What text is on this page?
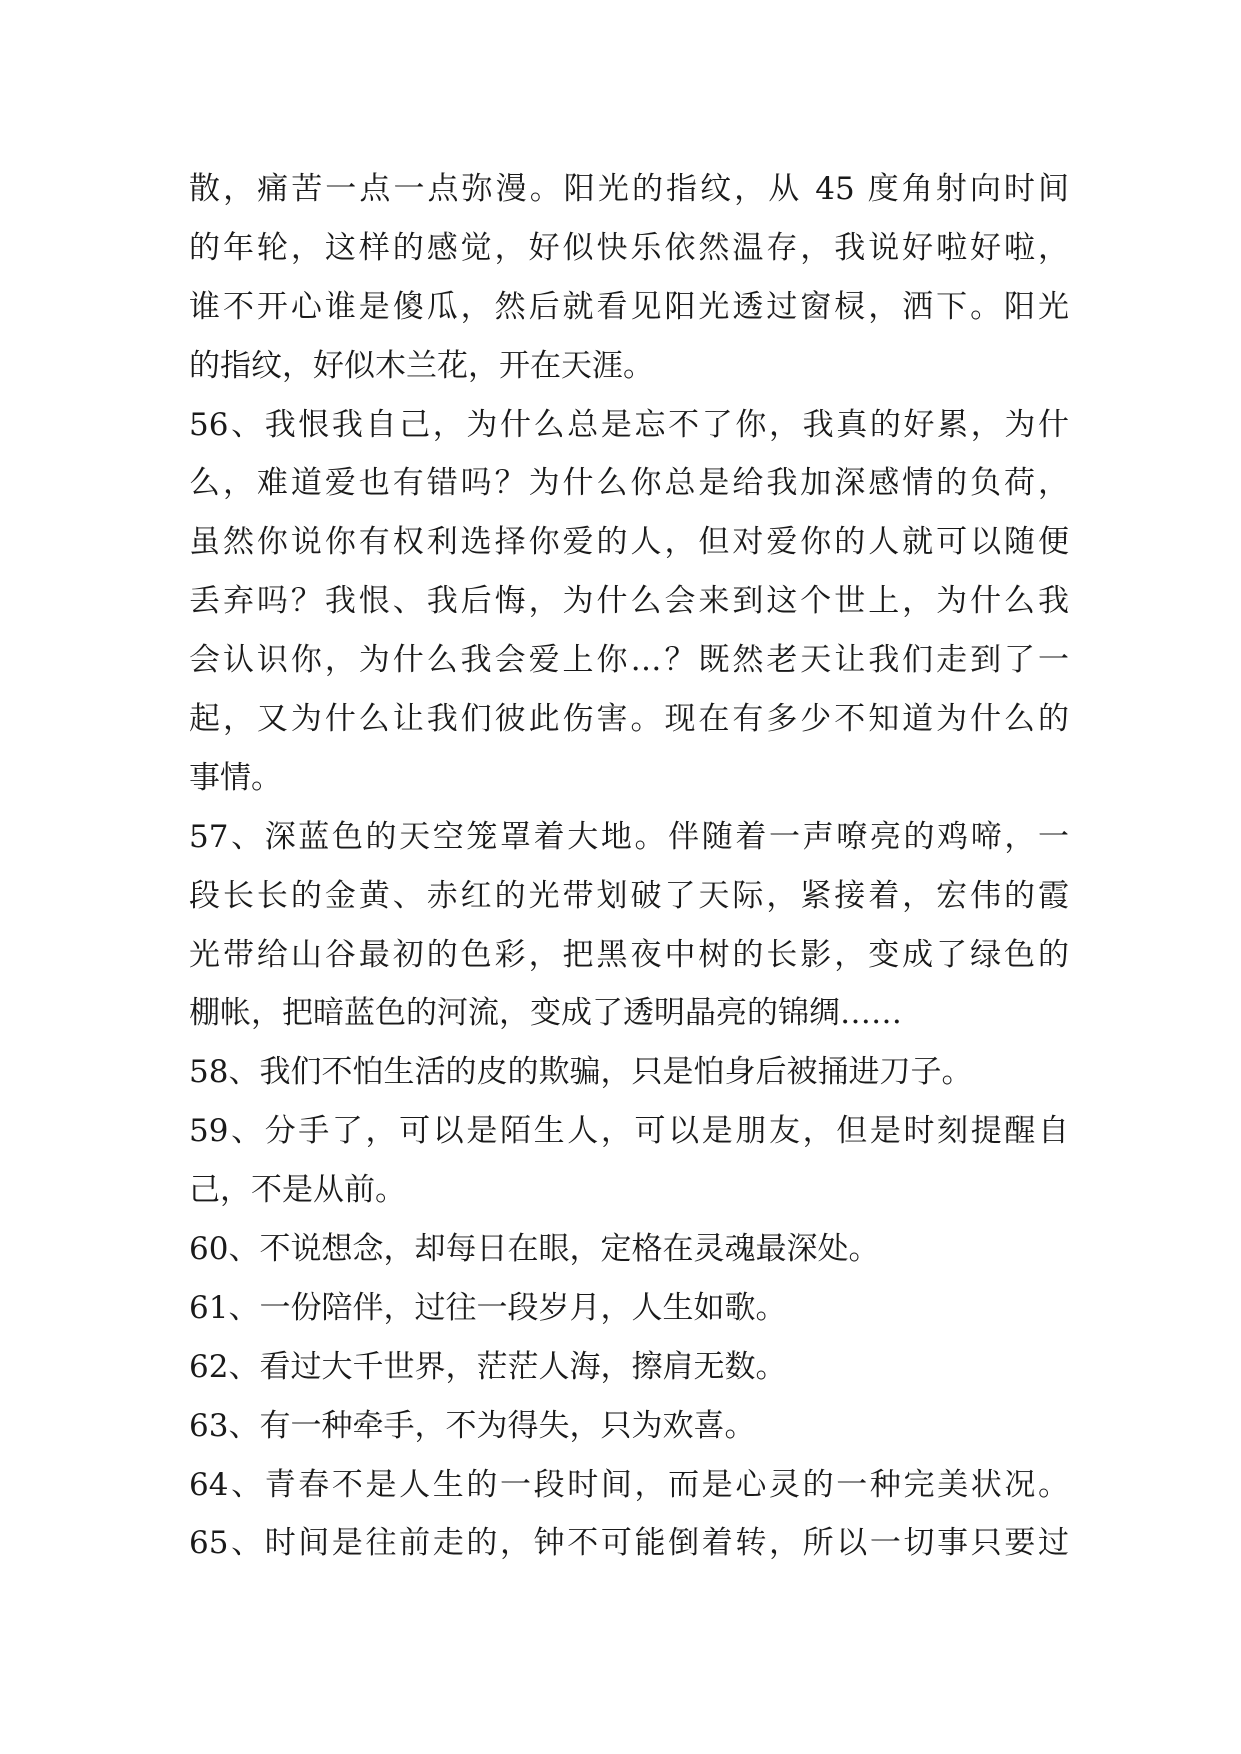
散，痛苦一点一点弥漫。阳光的指纹，从 45 度角射向时间
的年轮，这样的感觉，好似快乐依然温存，我说好啦好啦，
谁不开心谁是傻瓜，然后就看见阳光透过窗棂，洒下。阳光
的指纹，好似木兰花，开在天涯。
56、我恨我自己，为什么总是忘不了你，我真的好累，为什
么，难道爱也有错吗？为什么你总是给我加深感情的负荷，
虽然你说你有权利选择你爱的人，但对爱你的人就可以随便
丢弃吗？我恨、我后悔，为什么会来到这个世上，为什么我
会认识你，为什么我会爱上你…？既然老天让我们走到了一
起，又为什么让我们彼此伤害。现在有多少不知道为什么的
事情。
57、深蓝色的天空笼罩着大地。伴随着一声嘹亮的鸡啼，一
段长长的金黄、赤红的光带划破了天际，紧接着，宏伟的霞
光带给山谷最初的色彩，把黑夜中树的长影，变成了绿色的
棚帐，把暗蓝色的河流，变成了透明晶亮的锦绸……
58、我们不怕生活的皮的欺骗，只是怕身后被捅进刀子。
59、分手了，可以是陌生人，可以是朋友，但是时刻提醒自
己，不是从前。
60、不说想念，却每日在眼，定格在灵魂最深处。
61、一份陪伴，过往一段岁月，人生如歌。
62、看过大千世界，茫茫人海，擦肩无数。
63、有一种牵手，不为得失，只为欢喜。
64、青春不是人生的一段时间，而是心灵的一种完美状况。
65、时间是往前走的，钟不可能倒着转，所以一切事只要过
